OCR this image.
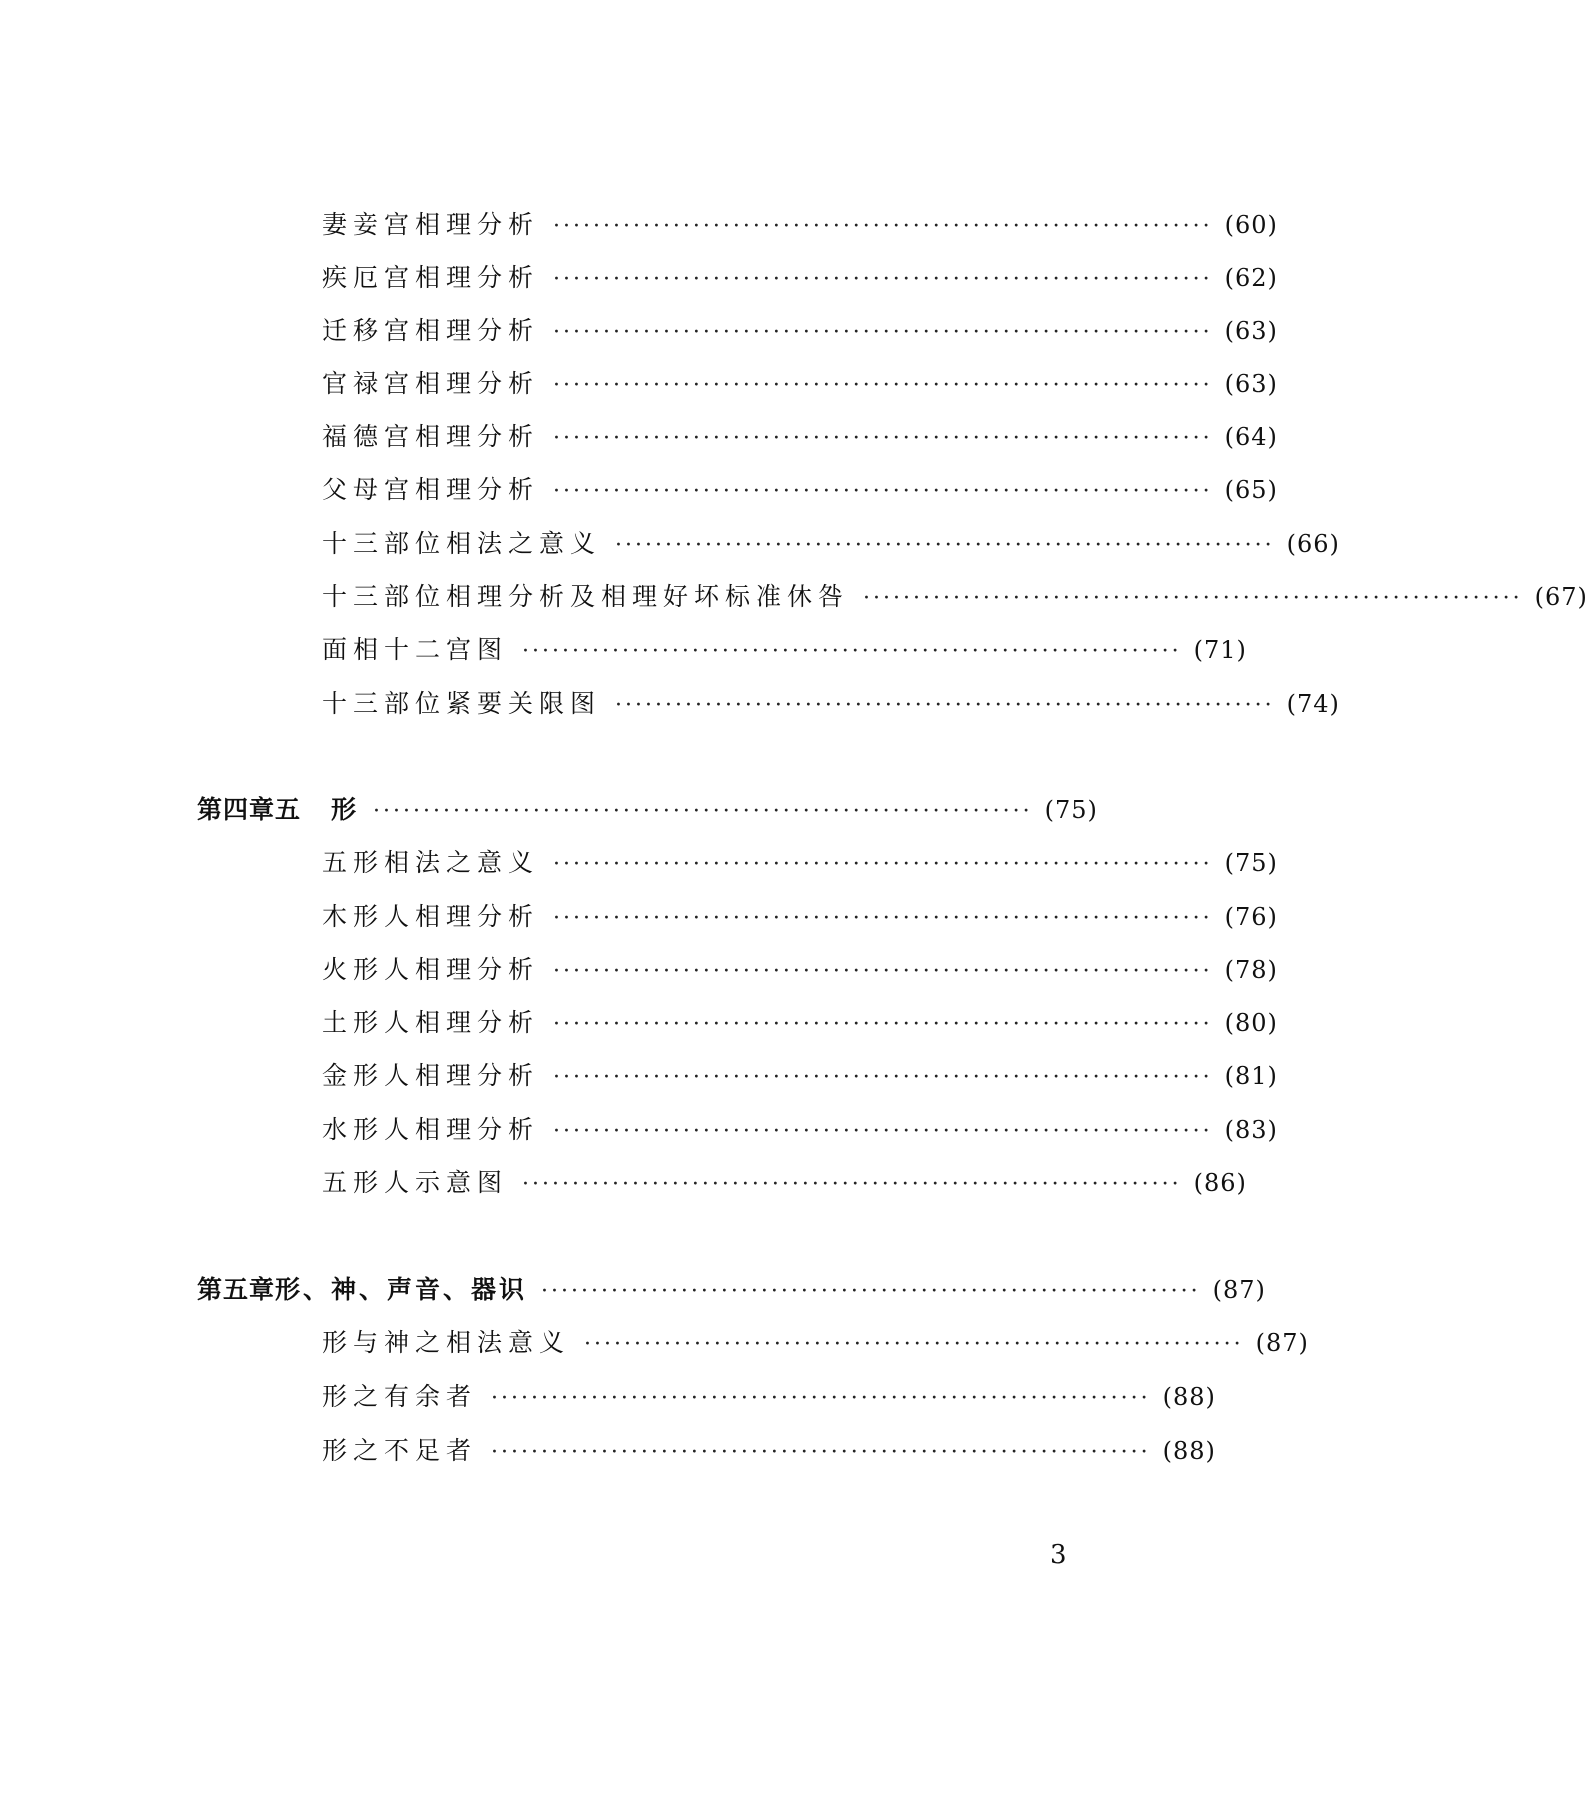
妻妾宫相理分析 ·································································· (60)
疾厄宫相理分析 ·································································· (62)
迁移宫相理分析 ·································································· (63)
官禄宫相理分析 ·································································· (63)
福德宫相理分析 ·································································· (64)
父母宫相理分析 ·································································· (65)
十三部位相法之意义 ·································································· (66)
十三部位相理分析及相理好坏标准休咎 ·································································· (67)
面相十二宫图 ·································································· (71)
十三部位紧要关限图 ·································································· (74)
第四章 五　形 ·································································· (75)
五形相法之意义 ·································································· (75)
木形人相理分析 ·································································· (76)
火形人相理分析 ·································································· (78)
土形人相理分析 ·································································· (80)
金形人相理分析 ·································································· (81)
水形人相理分析 ·································································· (83)
五形人示意图 ·································································· (86)
第五章 形、神、声音、器识 ·································································· (87)
形与神之相法意义 ·································································· (87)
形之有余者 ·································································· (88)
形之不足者 ·································································· (88)
3
